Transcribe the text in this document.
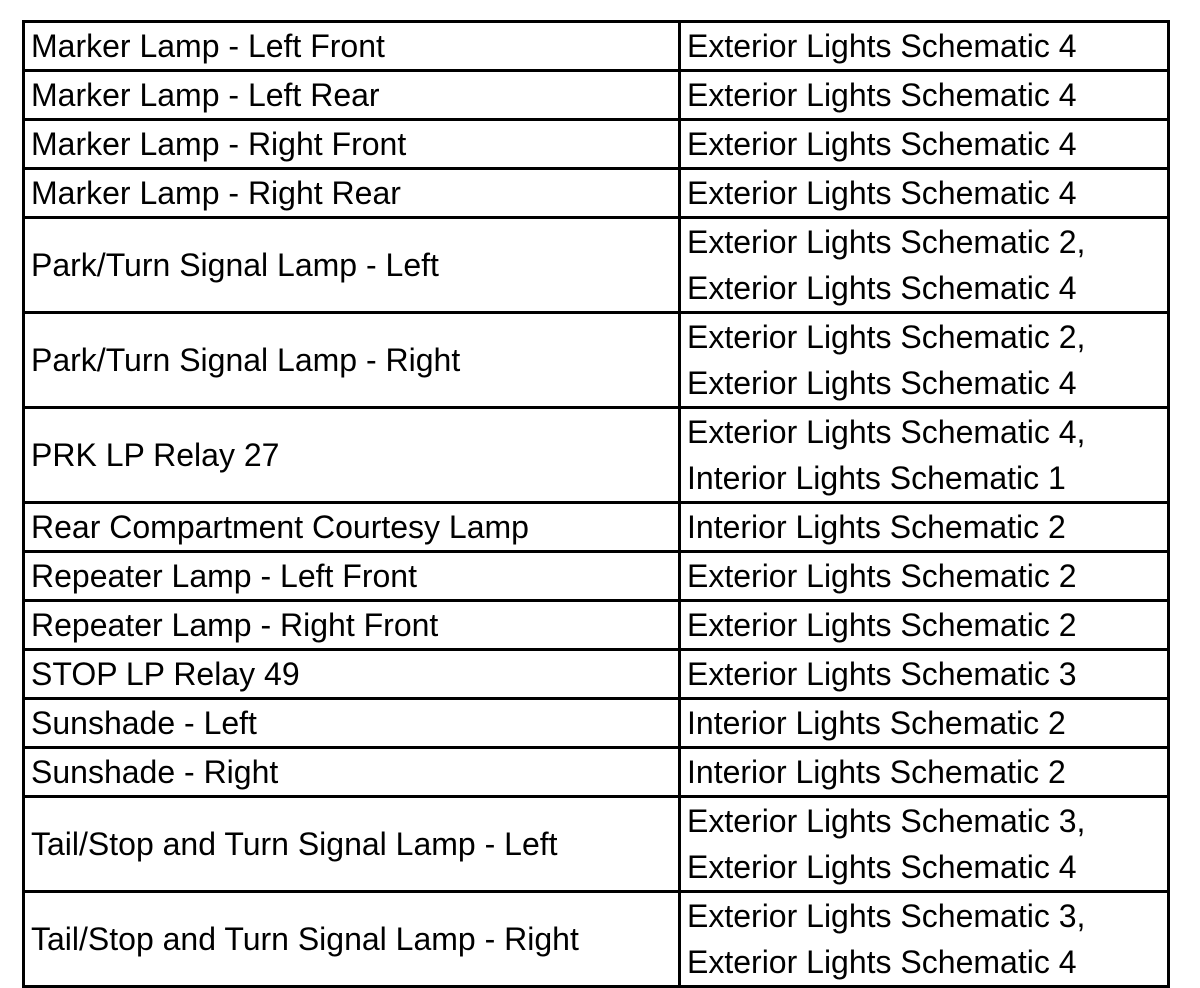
Marker Lamp - Left Front	Exterior Lights Schematic 4

Marker Lamp - Left Rear	Exterior Lights Schematic 4

Marker Lamp - Right Front	Exterior Lights Schematic 4

Marker Lamp - Right Rear	Exterior Lights Schematic 4

Park/Turn Signal Lamp - Left	Exterior Lights Schematic 2,
Exterior Lights Schematic 4

Park/Turn Signal Lamp - Right	Exterior Lights Schematic 2,
Exterior Lights Schematic 4

PRK LP Relay 27	Exterior Lights Schematic 4,
Interior Lights Schematic 1

Rear Compartment Courtesy Lamp	Interior Lights Schematic 2

Repeater Lamp - Left Front	Exterior Lights Schematic 2

Repeater Lamp - Right Front	Exterior Lights Schematic 2

STOP LP Relay 49	Exterior Lights Schematic 3

Sunshade - Left	Interior Lights Schematic 2

Sunshade - Right	Interior Lights Schematic 2

Tail/Stop and Turn Signal Lamp - Left	Exterior Lights Schematic 3,
Exterior Lights Schematic 4

Tail/Stop and Turn Signal Lamp - Right	Exterior Lights Schematic 3,
Exterior Lights Schematic 4
